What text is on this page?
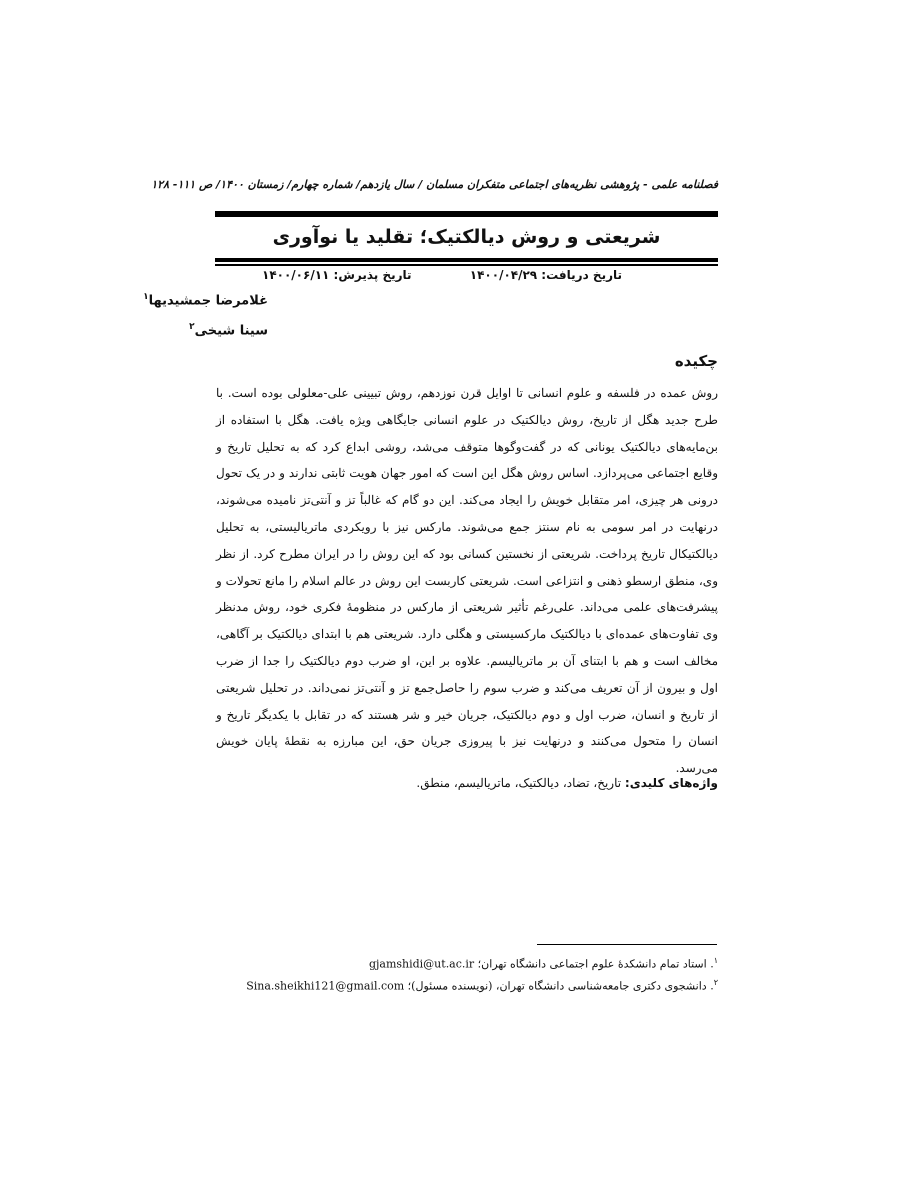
فصلنامه علمی - پژوهشی نظریه‌های اجتماعی متفکران مسلمان / سال یازدهم/ شماره چهارم/ زمستان ۱۴۰۰/ ص ۱۱۱- ۱۲۸
شریعتی و روش دیالکتیک؛ تقلید یا نوآوری
تاریخ دریافت: ۱۴۰۰/۰۴/۲۹
تاریخ پذیرش: ۱۴۰۰/۰۶/۱۱
غلامرضا جمشیدیها$^۱$
سینا شیخی$^۲$
چکیده
روش عمده در فلسفه و علوم انسانی تا اوایل قرن نوزدهم، روش تبیینی علی-معلولی بوده است. با طرح جدید هگل از تاریخ، روش دیالکتیک در علوم انسانی جایگاهی ویژه یافت. هگل با استفاده از بن‌مایه‌های دیالکتیک یونانی که در گفت‌وگوها متوقف می‌شد، روشی ابداع کرد که به تحلیل تاریخ و وقایع اجتماعی می‌پردازد. اساس روش هگل این است که امور جهان هویت ثابتی ندارند و در یک تحول درونی هر چیزی، امر متقابل خویش را ایجاد می‌کند. این دو گام که غالباً تز و آنتی‌تز نامیده می‌شوند، درنهایت در امر سومی به نام سنتز جمع می‌شوند. مارکس نیز با رویکردی ماتریالیستی، به تحلیل دیالکتیکال تاریخ پرداخت. شریعتی از نخستین کسانی بود که این روش را در ایران مطرح کرد. از نظر وی، منطق ارسطو ذهنی و انتزاعی است. شریعتی کاربست این روش در عالم اسلام را مانع تحولات و پیشرفت‌های علمی می‌داند. علی‌رغم تأثیر شریعتی از مارکس در منظومهٔ فکری خود، روش مدنظر وی تفاوت‌های عمده‌ای با دیالکتیک مارکسیستی و هگلی دارد. شریعتی هم با ابتدای دیالکتیک بر آگاهی، مخالف است و هم با ابتنای آن بر ماتریالیسم. علاوه بر این، او ضرب دوم دیالکتیک را جدا از ضرب اول و بیرون از آن تعریف می‌کند و ضرب سوم را حاصل‌جمع تز و آنتی‌تز نمی‌داند. در تحلیل شریعتی از تاریخ و انسان، ضرب اول و دوم دیالکتیک، جریان خیر و شر هستند که در تقابل با یکدیگر تاریخ و انسان را متحول می‌کنند و درنهایت نیز با پیروزی جریان حق، این مبارزه به نقطهٔ پایان خویش می‌رسد.
واژه‌های کلیدی: تاریخ، تضاد، دیالکتیک، ماتریالیسم، منطق.
$^۱$. استاد تمام دانشکدهٔ علوم اجتماعی دانشگاه تهران؛ gjamshidi@ut.ac.ir
$^۲$. دانشجوی دکتری جامعه‌شناسی دانشگاه تهران، (نویسنده مسئول)؛ Sina.sheikhi121@gmail.com
